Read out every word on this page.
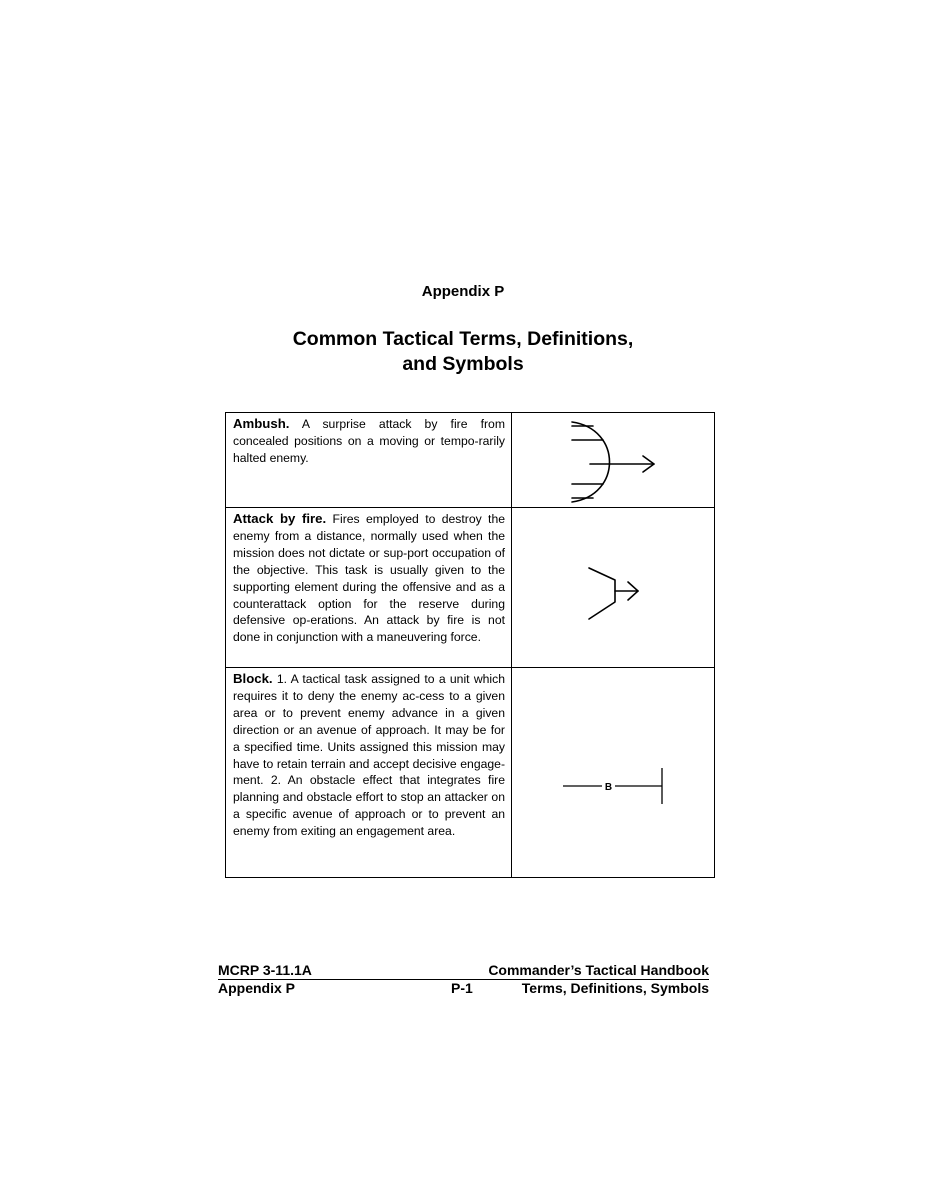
Appendix P
Common Tactical Terms, Definitions,
and Symbols
Ambush. A surprise attack by fire from concealed positions on a moving or tempo-rarily halted enemy.	

Attack by fire. Fires employed to destroy the enemy from a distance, normally used when the mission does not dictate or sup-port occupation of the objective. This task is usually given to the supporting element during the offensive and as a counterattack option for the reserve during defensive op-erations. An attack by fire is not done in conjunction with a maneuvering force.	

Block. 1. A tactical task assigned to a unit which requires it to deny the enemy ac-cess to a given area or to prevent enemy advance in a given direction or an avenue of approach. It may be for a specified time. Units assigned this mission may have to retain terrain and accept decisive engage-ment. 2. An obstacle effect that integrates fire planning and obstacle effort to stop an attacker on a specific avenue of approach or to prevent an enemy from exiting an engagement area.	B
MCRP 3-11.1A	Commander’s Tactical Handbook
Appendix P	P-1	Terms, Definitions, Symbols
